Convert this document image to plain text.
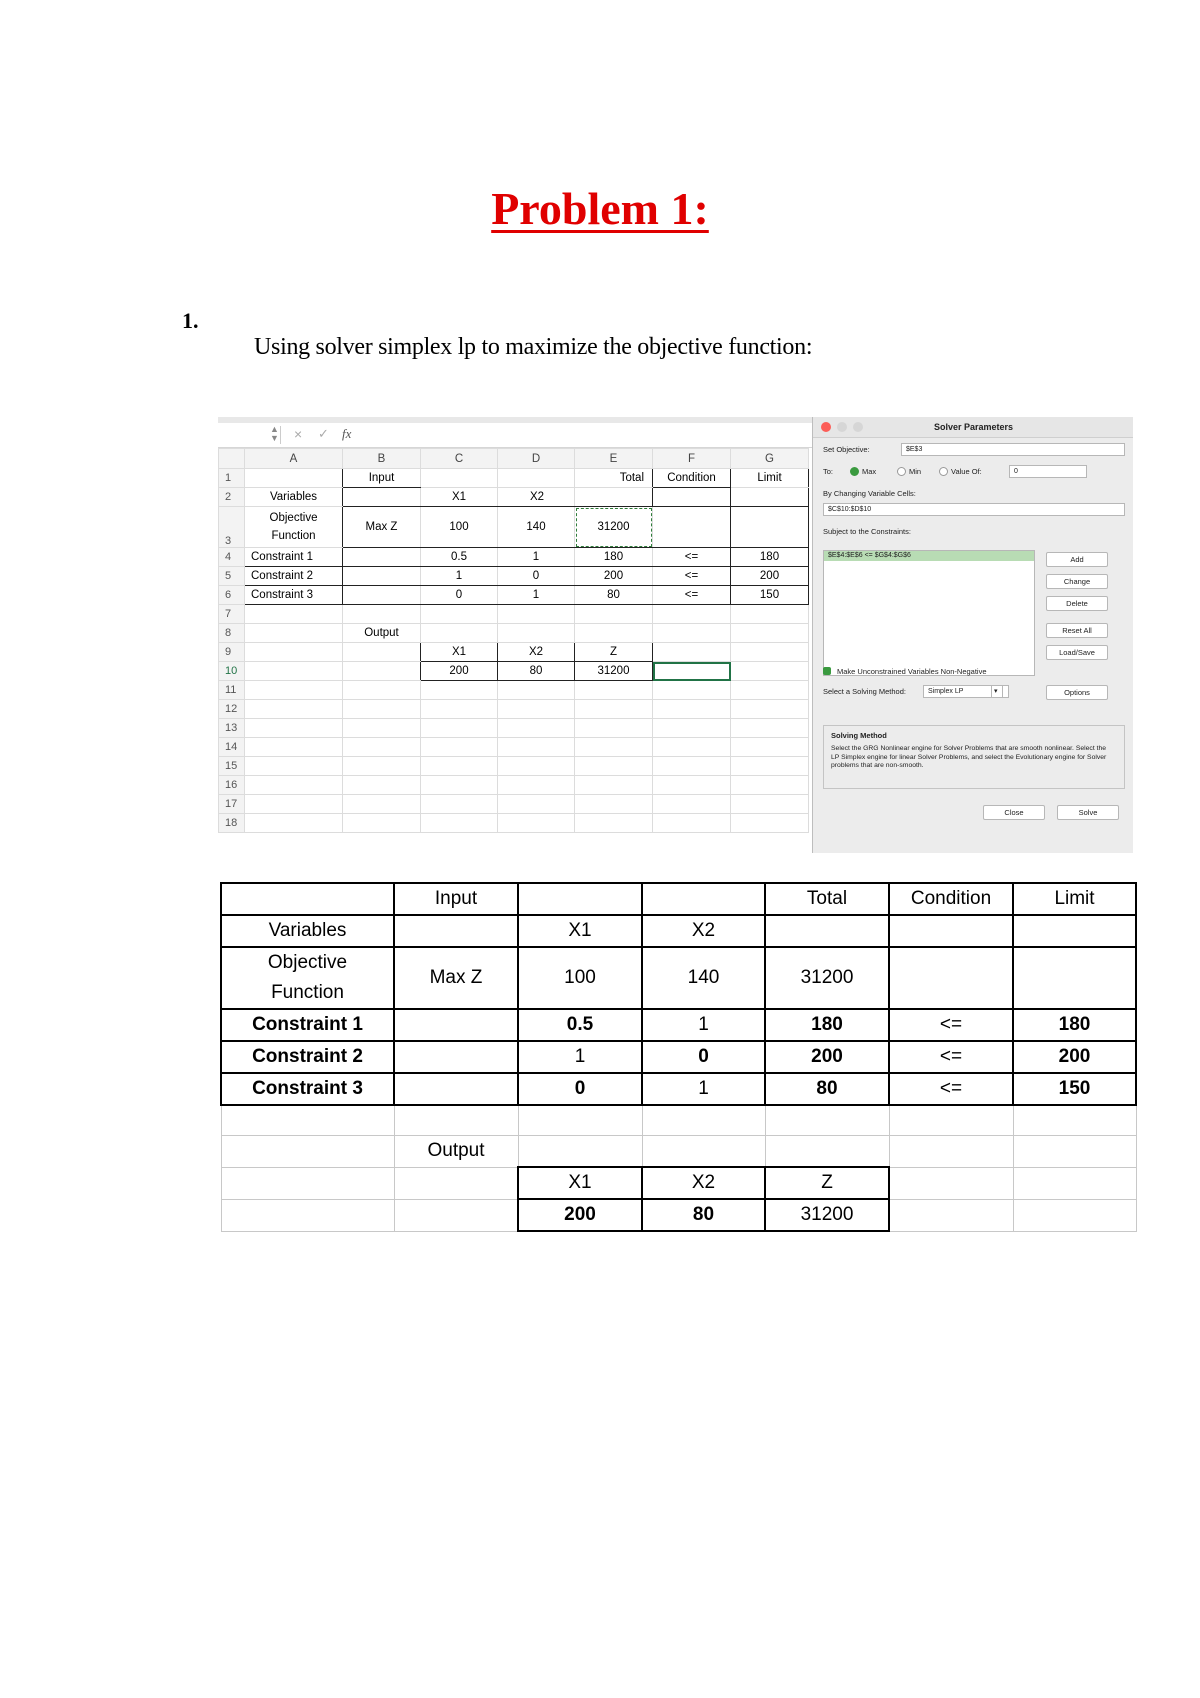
Problem 1:
1.
Using solver simplex lp to maximize the objective function:
▲
▼ × ✓ fx
	A	B	C	D	E	F	G
1		Input			Total	Condition	Limit
2	Variables		X1	X2			
3	Objective
Function	Max Z	100	140	31200		
4	Constraint 1		0.5	1	180	<=	180
5	Constraint 2		1	0	200	<=	200
6	Constraint 3		0	1	80	<=	150
7							
8		Output					
9			X1	X2	Z		
10			200	80	31200		
11							
12							
13							
14							
15							
16							
17							
18							
Solver Parameters
Set Objective:	$E$3
To:	Max	Min	Value Of:	0
By Changing Variable Cells:
$C$10:$D$10
Subject to the Constraints:
$E$4:$E$6 <= $G$4:$G$6	Add
Change
Delete
Reset All
Load/Save
Make Unconstrained Variables Non-Negative
Select a Solving Method:	Simplex LP	▾	Options
Solving Method
Select the GRG Nonlinear engine for Solver Problems that are smooth nonlinear. Select the LP Simplex engine for linear Solver Problems, and select the Evolutionary engine for Solver problems that are non-smooth.
Close	Solve
	Input			Total	Condition	Limit
Variables		X1	X2			

Objective
Function	Max Z	100	140	31200		
Constraint 1		0.5	1	180	<=	180
Constraint 2		1	0	200	<=	200
Constraint 3		0	1	80	<=	150

	Output					
		X1	X2	Z		
		200	80	31200		
